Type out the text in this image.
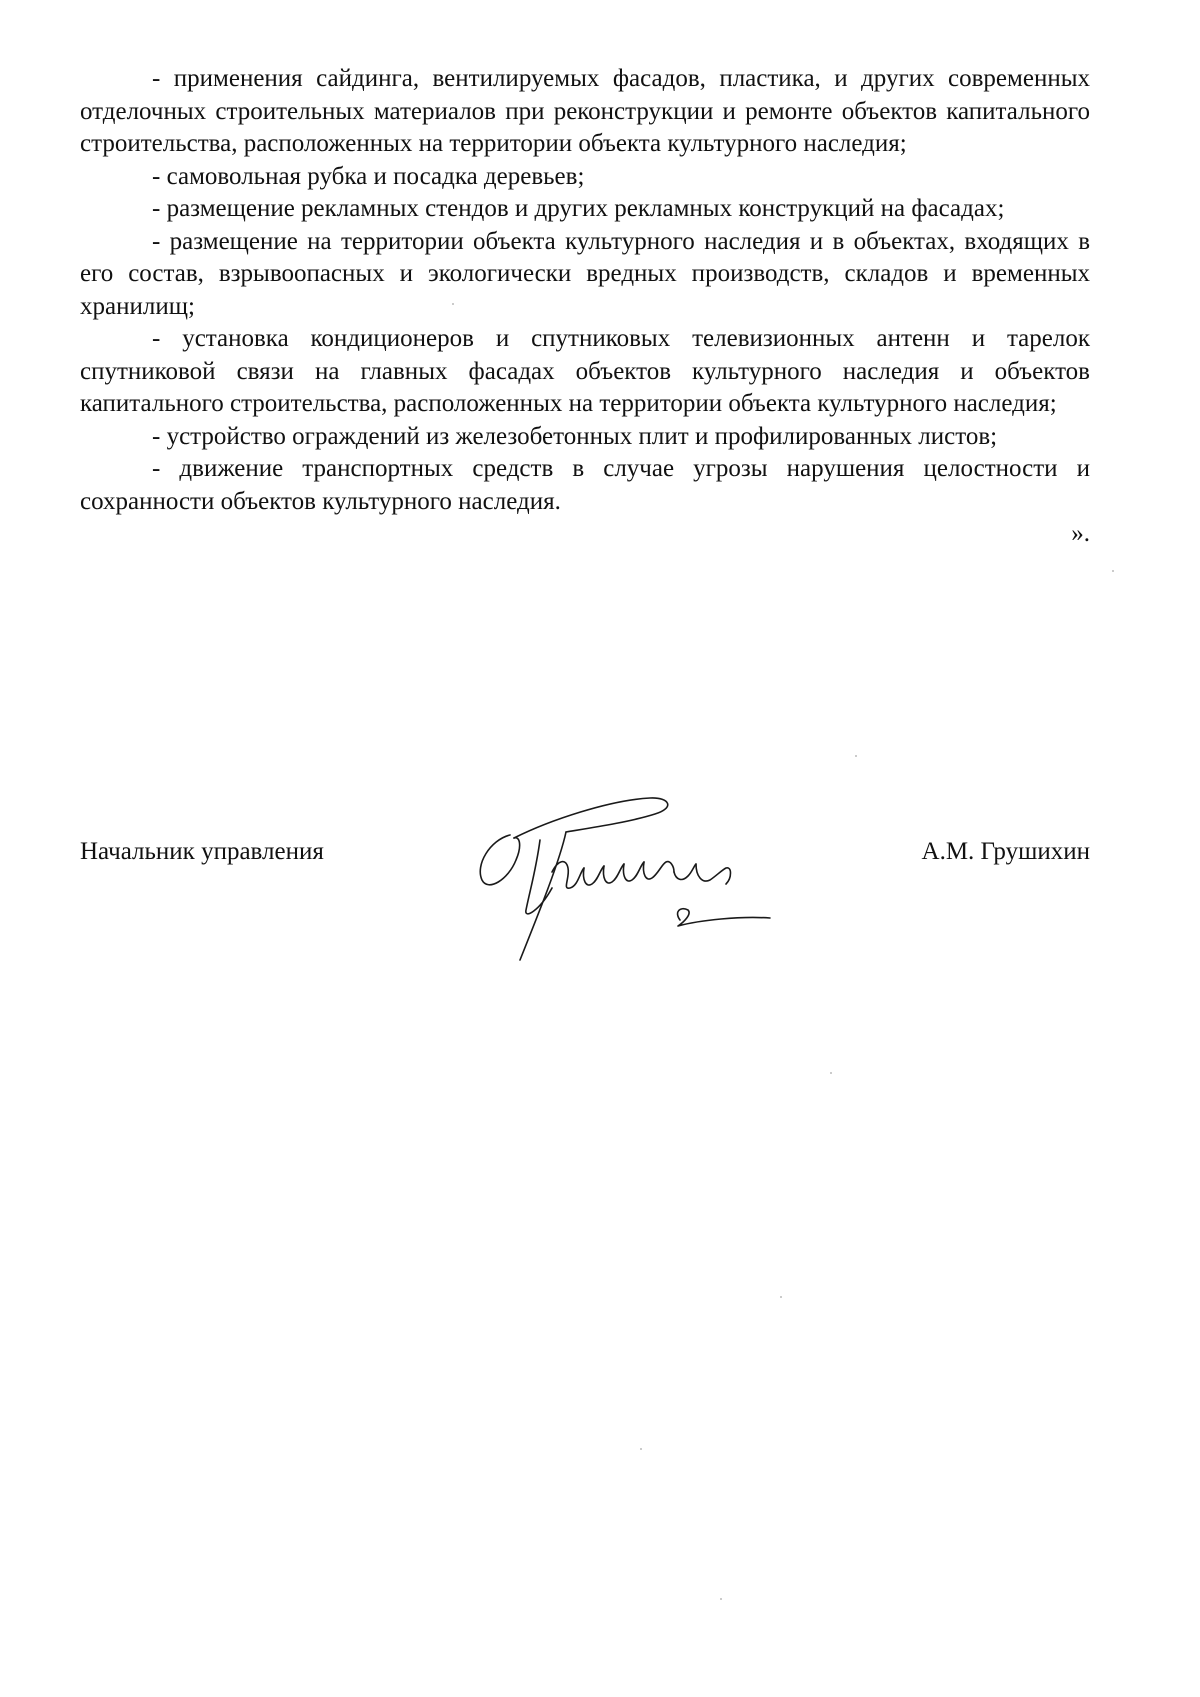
- применения сайдинга, вентилируемых фасадов, пластика, и других современных отделочных строительных материалов при реконструкции и ремонте объектов капитального строительства, расположенных на территории объекта культурного наследия;

- самовольная рубка и посадка деревьев;

- размещение рекламных стендов и других рекламных конструкций на фасадах;

- размещение на территории объекта культурного наследия и в объектах, входящих в его состав, взрывоопасных и экологически вредных производств, складов и временных хранилищ;

- установка кондиционеров и спутниковых телевизионных антенн и тарелок спутниковой связи на главных фасадах объектов культурного наследия и объектов капитального строительства, расположенных на территории объекта культурного наследия;

- устройство ограждений из железобетонных плит и профилированных листов;

- движение транспортных средств в случае угрозы нарушения целостности и сохранности объектов культурного наследия.

».

Начальник управления	А.М. Грушихин
